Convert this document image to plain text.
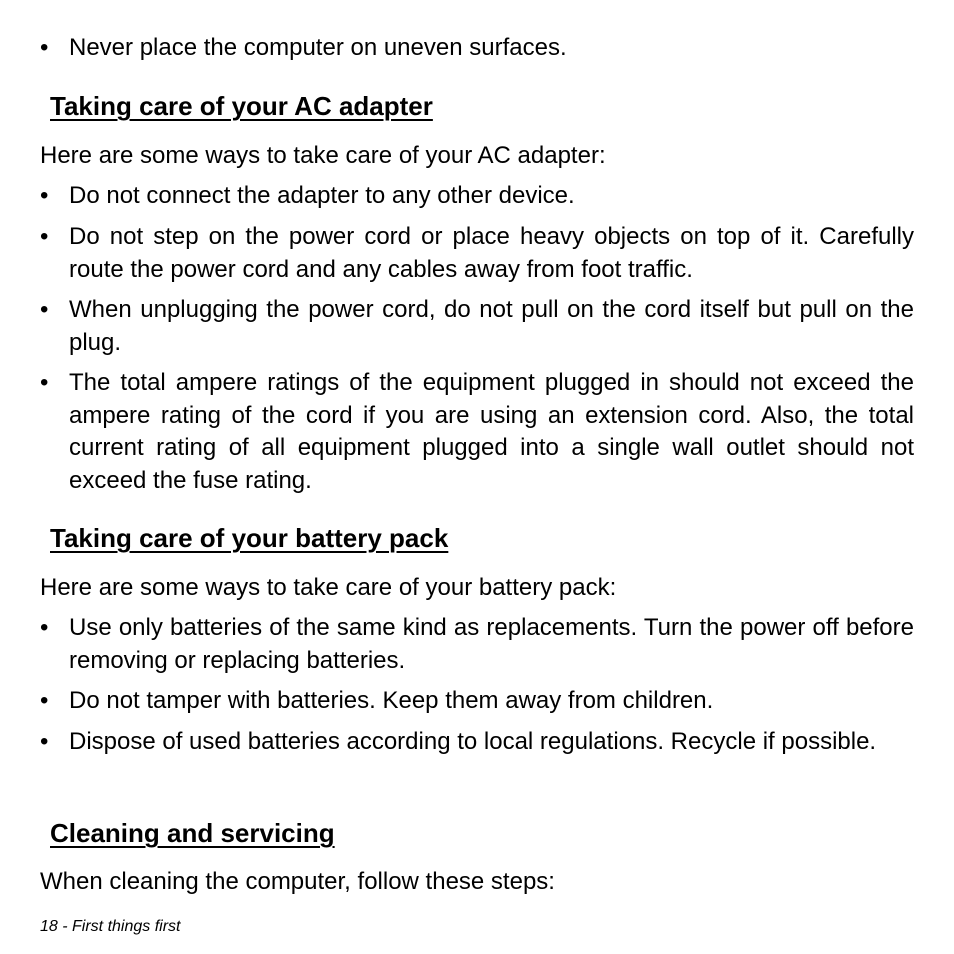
• Never place the computer on uneven surfaces.
Taking care of your AC adapter
Here are some ways to take care of your AC adapter:
• Do not connect the adapter to any other device.
• Do not step on the power cord or place heavy objects on top of it. Carefully route the power cord and any cables away from foot traffic.
• When unplugging the power cord, do not pull on the cord itself but pull on the plug.
• The total ampere ratings of the equipment plugged in should not exceed the ampere rating of the cord if you are using an extension cord. Also, the total current rating of all equipment plugged into a single wall outlet should not exceed the fuse rating.
Taking care of your battery pack
Here are some ways to take care of your battery pack:
• Use only batteries of the same kind as replacements. Turn the power off before removing or replacing batteries.
• Do not tamper with batteries. Keep them away from children.
• Dispose of used batteries according to local regulations. Recycle if possible.
Cleaning and servicing
When cleaning the computer, follow these steps:
18 - First things first
